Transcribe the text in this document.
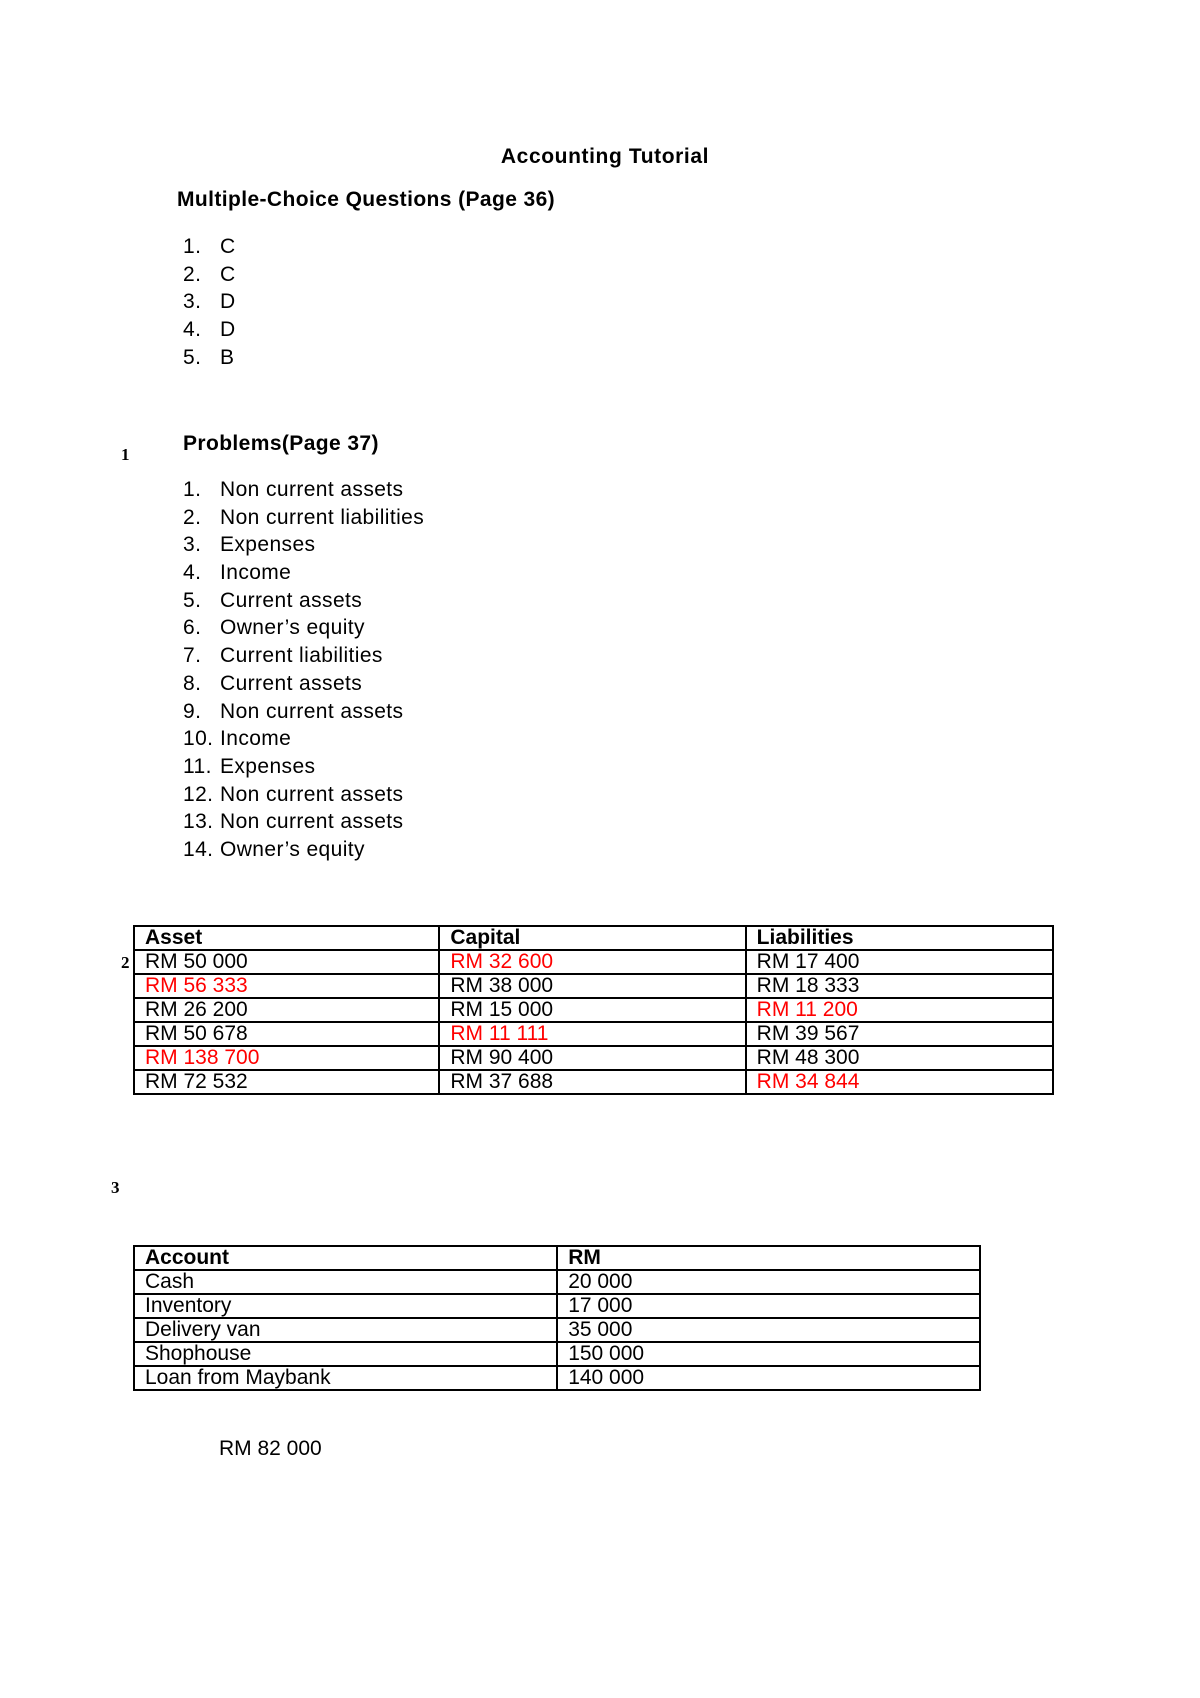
Accounting Tutorial
Multiple-Choice Questions (Page 36)
1. C
2. C
3. D
4. D
5. B
1	Problems(Page 37)
1. Non current assets
2. Non current liabilities
3. Expenses
4. Income
5. Current assets
6. Owner’s equity
7. Current liabilities
8. Current assets
9. Non current assets
10. Income
11. Expenses
12. Non current assets
13. Non current assets
14. Owner’s equity
2
Asset	Capital	Liabilities
RM 50 000	RM 32 600	RM 17 400
RM 56 333	RM 38 000	RM 18 333
RM 26 200	RM 15 000	RM 11 200
RM 50 678	RM 11 111	RM 39 567
RM 138 700	RM 90 400	RM 48 300
RM 72 532	RM 37 688	RM 34 844
3
Account	RM
Cash	20 000
Inventory	17 000
Delivery van	35 000
Shophouse	150 000
Loan from Maybank	140 000
RM 82 000
